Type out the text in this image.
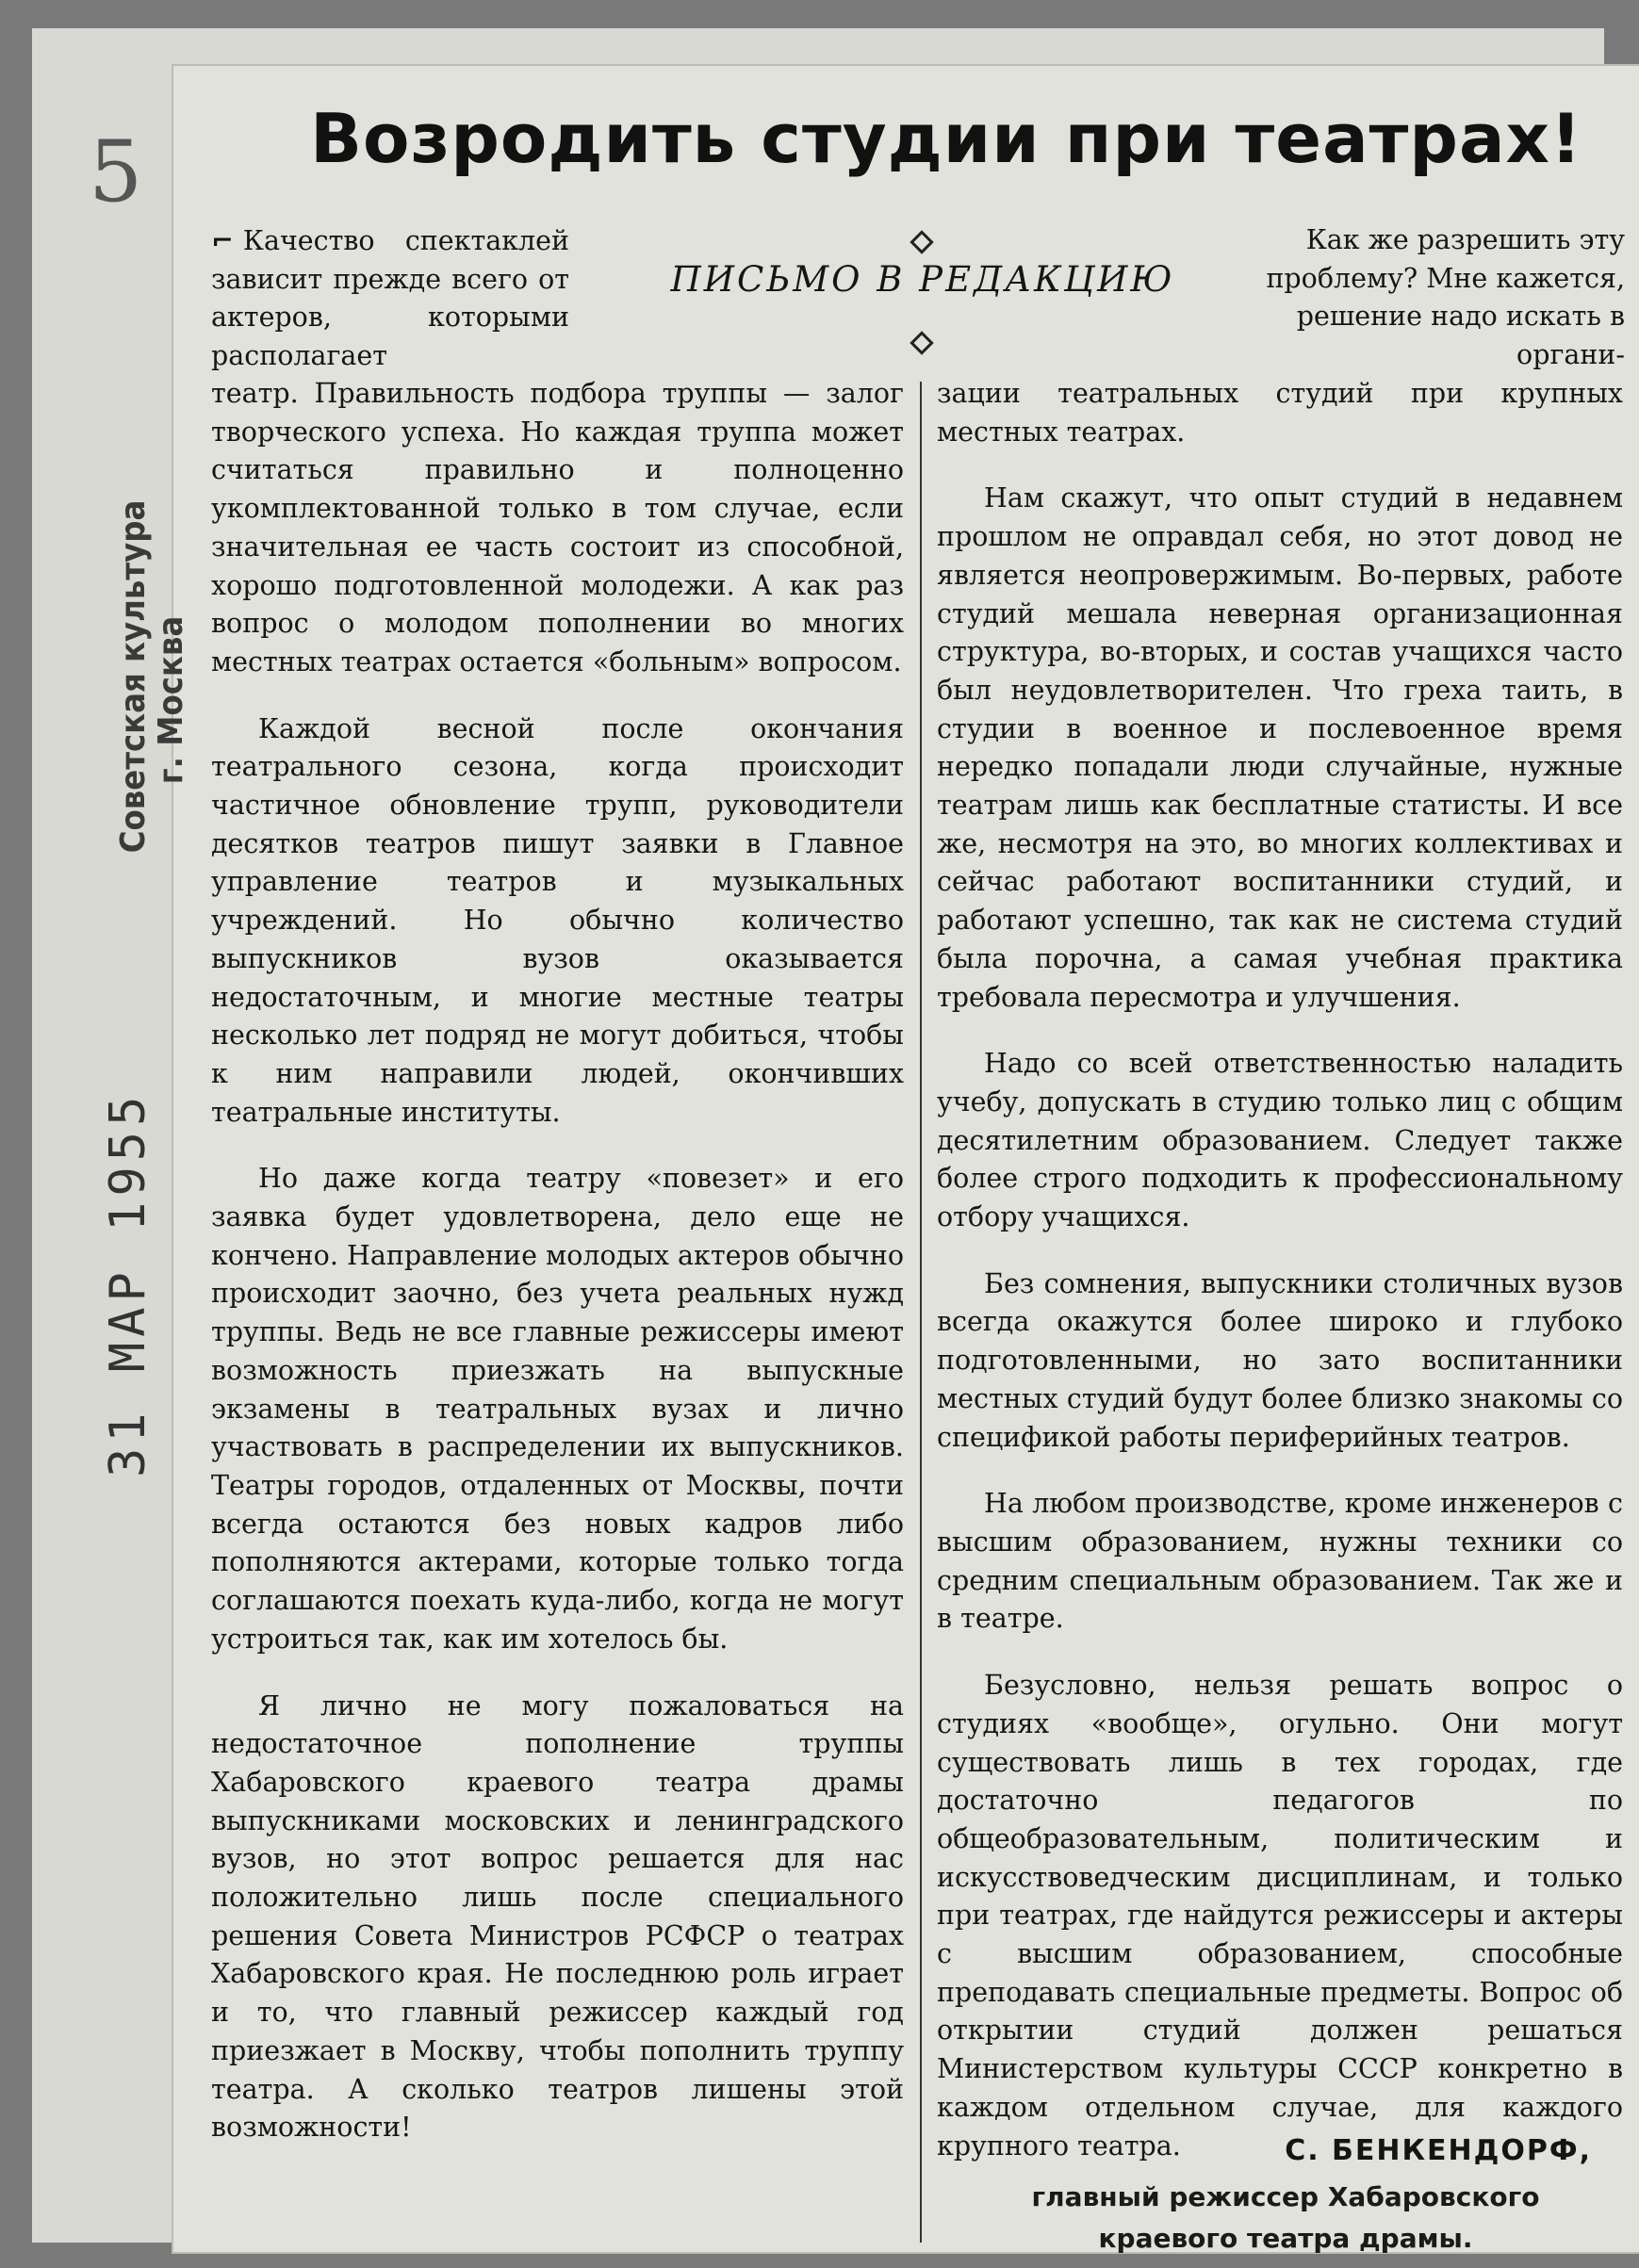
5
Советская культура г. Москва
31 МАР 1955
Возродить студии при театрах!
ПИСЬМО В РЕДАКЦИЮ

⌐ Качество спектаклей зависит прежде всего от актеров, которыми располагает

Как же разрешить эту проблему? Мне кажется, решение надо искать в органи-

театр. Правильность подбора труппы — залог творческого успеха. Но каждая труппа может считаться правильно и полноценно укомплектованной только в том случае, если значительная ее часть состоит из способной, хорошо подготовленной молодежи. А как раз вопрос о молодом пополнении во многих местных театрах остается «больным» вопросом.

Каждой весной после окончания театрального сезона, когда происходит частичное обновление трупп, руководители десятков театров пишут заявки в Главное управление театров и музыкальных учреждений. Но обычно количество выпускников вузов оказывается недостаточным, и многие местные театры несколько лет подряд не могут добиться, чтобы к ним направили людей, окончивших театральные институты.

Но даже когда театру «повезет» и его заявка будет удовлетворена, дело еще не кончено. Направление молодых актеров обычно происходит заочно, без учета реальных нужд труппы. Ведь не все главные режиссеры имеют возможность приезжать на выпускные экзамены в театральных вузах и лично участвовать в распределении их выпускников. Театры городов, отдаленных от Москвы, почти всегда остаются без новых кадров либо пополняются актерами, которые только тогда соглашаются поехать куда-либо, когда не могут устроиться так, как им хотелось бы.

Я лично не могу пожаловаться на недостаточное пополнение труппы Хабаровского краевого театра драмы выпускниками московских и ленинградского вузов, но этот вопрос решается для нас положительно лишь после специального решения Совета Министров РСФСР о театрах Хабаровского края. Не последнюю роль играет и то, что главный режиссер каждый год приезжает в Москву, чтобы пополнить труппу театра. А сколько театров лишены этой возможности!

зации театральных студий при крупных местных театрах.

Нам скажут, что опыт студий в недавнем прошлом не оправдал себя, но этот довод не является неопровержимым. Во-первых, работе студий мешала неверная организационная структура, во-вторых, и состав учащихся часто был неудовлетворителен. Что греха таить, в студии в военное и послевоенное время нередко попадали люди случайные, нужные театрам лишь как бесплатные статисты. И все же, несмотря на это, во многих коллективах и сейчас работают воспитанники студий, и работают успешно, так как не система студий была порочна, а самая учебная практика требовала пересмотра и улучшения.

Надо со всей ответственностью наладить учебу, допускать в студию только лиц с общим десятилетним образованием. Следует также более строго подходить к профессиональному отбору учащихся.

Без сомнения, выпускники столичных вузов всегда окажутся более широко и глубоко подготовленными, но зато воспитанники местных студий будут более близко знакомы со спецификой работы периферийных театров.

На любом производстве, кроме инженеров с высшим образованием, нужны техники со средним специальным образованием. Так же и в театре.

Безусловно, нельзя решать вопрос о студиях «вообще», огульно. Они могут существовать лишь в тех городах, где достаточно педагогов по общеобразовательным, политическим и искусствоведческим дисциплинам, и только при театрах, где найдутся режиссеры и актеры с высшим образованием, способные преподавать специальные предметы. Вопрос об открытии студий должен решаться Министерством культуры СССР конкретно в каждом отдельном случае, для каждого крупного театра.	С. БЕНКЕНДОРФ,
главный режиссер Хабаровского краевого театра драмы.
